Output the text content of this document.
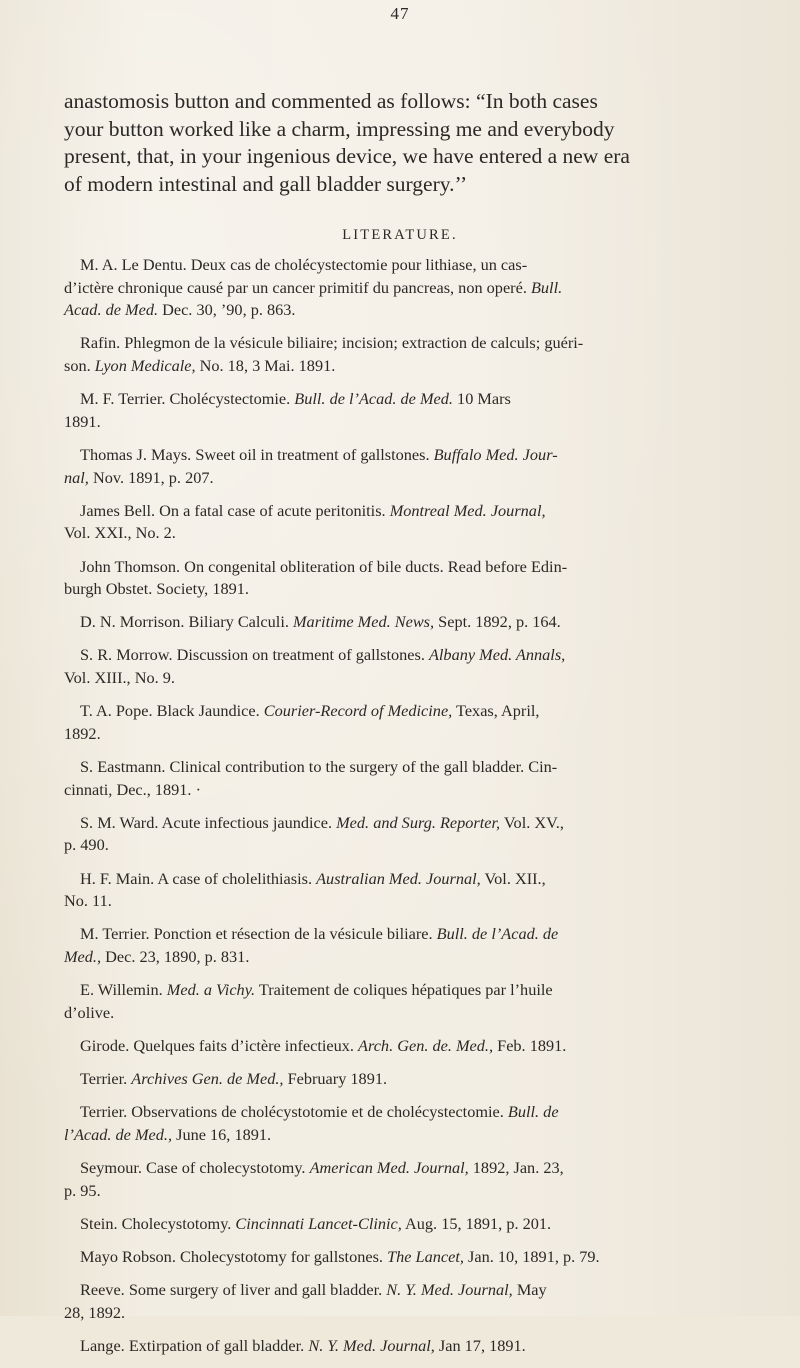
47
anastomosis button and commented as follows: “In both cases
your button worked like a charm, impressing me and everybody
present, that, in your ingenious device, we have entered a new era
of modern intestinal and gall bladder surgery.’’
LITERATURE.
M. A. Le Dentu. Deux cas de cholécystectomie pour lithiase, un cas-
d’ictère chronique causé par un cancer primitif du pancreas, non operé. Bull.
Acad. de Med. Dec. 30, ’90, p. 863.
Rafin. Phlegmon de la vésicule biliaire; incision; extraction de calculs; guéri-
son. Lyon Medicale, No. 18, 3 Mai. 1891.
M. F. Terrier. Cholécystectomie. Bull. de l’Acad. de Med. 10 Mars
1891.
Thomas J. Mays. Sweet oil in treatment of gallstones. Buffalo Med. Jour-
nal, Nov. 1891, p. 207.
James Bell. On a fatal case of acute peritonitis. Montreal Med. Journal,
Vol. XXI., No. 2.
John Thomson. On congenital obliteration of bile ducts. Read before Edin-
burgh Obstet. Society, 1891.
D. N. Morrison. Biliary Calculi. Maritime Med. News, Sept. 1892, p. 164.
S. R. Morrow. Discussion on treatment of gallstones. Albany Med. Annals,
Vol. XIII., No. 9.
T. A. Pope. Black Jaundice. Courier-Record of Medicine, Texas, April,
1892.
S. Eastmann. Clinical contribution to the surgery of the gall bladder. Cin-
cinnati, Dec., 1891. ·
S. M. Ward. Acute infectious jaundice. Med. and Surg. Reporter, Vol. XV.,
p. 490.
H. F. Main. A case of cholelithiasis. Australian Med. Journal, Vol. XII.,
No. 11.
M. Terrier. Ponction et résection de la vésicule biliare. Bull. de l’Acad. de
Med., Dec. 23, 1890, p. 831.
E. Willemin. Med. a Vichy. Traitement de coliques hépatiques par l’huile
d’olive.
Girode. Quelques faits d’ictère infectieux. Arch. Gen. de. Med., Feb. 1891.
Terrier. Archives Gen. de Med., February 1891.
Terrier. Observations de cholécystotomie et de cholécystectomie. Bull. de
l’Acad. de Med., June 16, 1891.
Seymour. Case of cholecystotomy. American Med. Journal, 1892, Jan. 23,
p. 95.
Stein. Cholecystotomy. Cincinnati Lancet-Clinic, Aug. 15, 1891, p. 201.
Mayo Robson. Cholecystotomy for gallstones. The Lancet, Jan. 10, 1891, p. 79.
Reeve. Some surgery of liver and gall bladder. N. Y. Med. Journal, May
28, 1892.
Lange. Extirpation of gall bladder. N. Y. Med. Journal, Jan 17, 1891.
